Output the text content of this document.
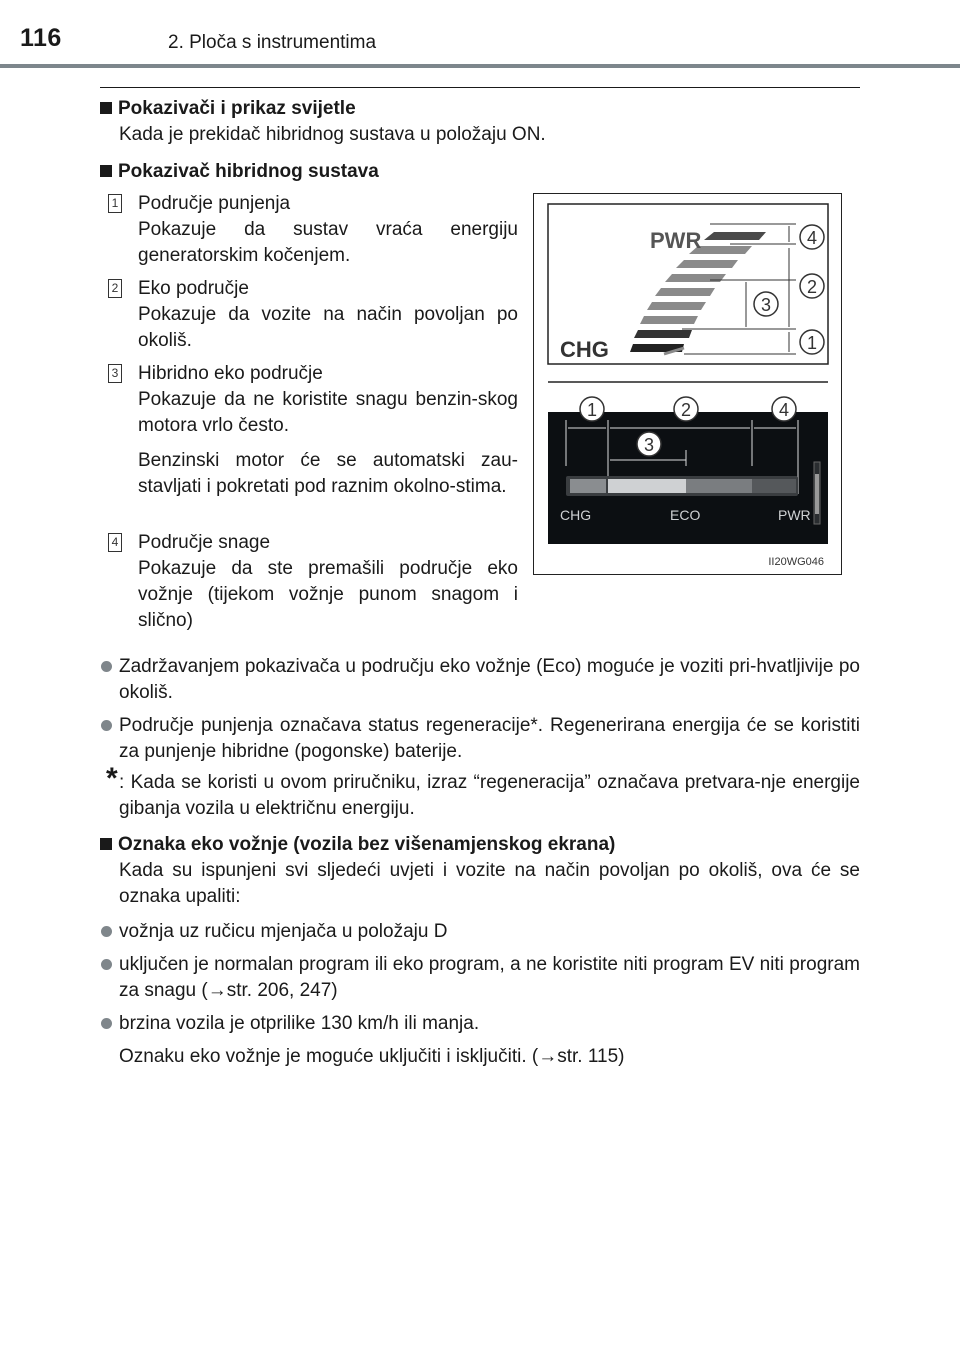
116	2. Ploča s instrumentima
Pokazivači i prikaz svijetle
Kada je prekidač hibridnog sustava u položaju ON.
Pokazivač hibridnog sustava
1 Područje punjenja
Pokazuje da sustav vraća energiju generatorskim kočenjem.
2 Eko područje
Pokazuje da vozite na način povoljan po okoliš.
3 Hibridno eko područje
Pokazuje da ne koristite snagu benzin-skog motora vrlo često.
Benzinski motor će se automatski zau-stavljati i pokretati pod raznim okolno-stima.
4 Područje snage
Pokazuje da ste premašili područje eko vožnje (tijekom vožnje punom snagom i slično)
PWR
CHG
4
2
3
1
1	2	4
3
CHG	ECO	PWR
II20WG046
Zadržavanjem pokazivača u području eko vožnje (Eco) moguće je voziti pri-hvatljivije po okoliš.
Područje punjenja označava status regeneracije*. Regenerirana energija će se koristiti za punjenje hibridne (pogonske) baterije.
* : Kada se koristi u ovom priručniku, izraz “regeneracija” označava pretvara-nje energije gibanja vozila u električnu energiju.
Oznaka eko vožnje (vozila bez višenamjenskog ekrana)
Kada su ispunjeni svi sljedeći uvjeti i vozite na način povoljan po okoliš, ova će se oznaka upaliti:
vožnja uz ručicu mjenjača u položaju D
uključen je normalan program ili eko program, a ne koristite niti program EV niti program za snagu (→str. 206, 247)
brzina vozila je otprilike 130 km/h ili manja.
Oznaku eko vožnje je moguće uključiti i isključiti. (→str. 115)
